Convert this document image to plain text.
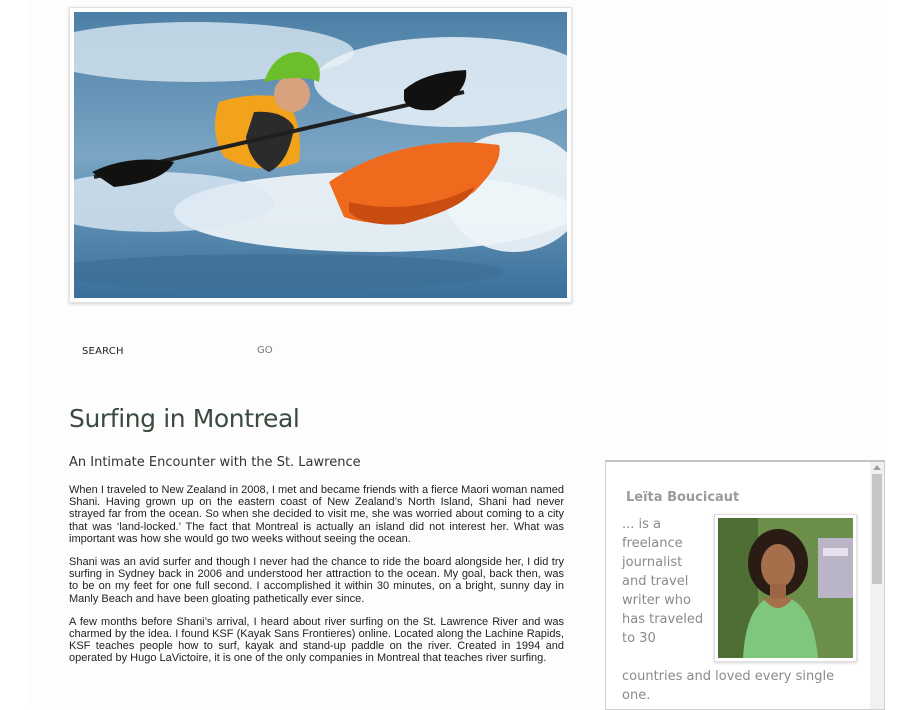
SEARCH	GO
Surfing in Montreal
An Intimate Encounter with the St. Lawrence

When I traveled to New Zealand in 2008, I met and became friends with a fierce Maori woman named Shani. Having grown up on the eastern coast of New Zealand’s North Island, Shani had never strayed far from the ocean. So when she decided to visit me, she was worried about coming to a city that was ‘land-locked.’ The fact that Montreal is actually an island did not interest her. What was important was how she would go two weeks without seeing the ocean.

Shani was an avid surfer and though I never had the chance to ride the board alongside her, I did try surfing in Sydney back in 2006 and understood her attraction to the ocean. My goal, back then, was to be on my feet for one full second. I accomplished it within 30 minutes, on a bright, sunny day in Manly Beach and have been gloating pathetically ever since.

A few months before Shani’s arrival, I heard about river surfing on the St. Lawrence River and was charmed by the idea. I found KSF (Kayak Sans Frontieres) online. Located along the Lachine Rapids, KSF teaches people how to surf, kayak and stand-up paddle on the river. Created in 1994 and operated by Hugo LaVictoire, it is one of the only companies in Montreal that teaches river surfing.

Leïta Boucicaut
... is a freelance journalist and travel writer who has traveled to 30
countries and loved every single one.
